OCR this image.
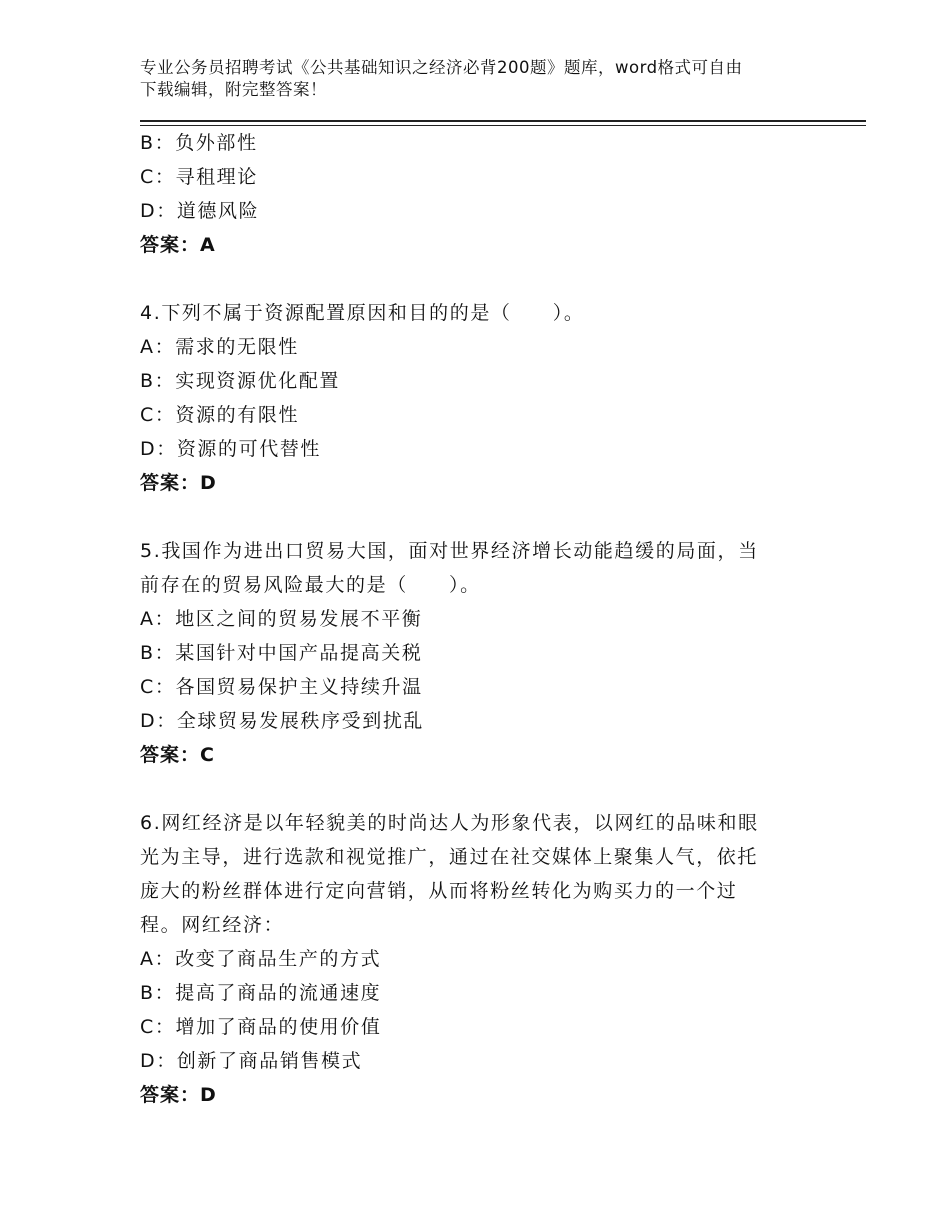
专业公务员招聘考试《公共基础知识之经济必背200题》题库，word格式可自由
下载编辑，附完整答案！
B：负外部性
C：寻租理论
D：道德风险
答案：A
4.下列不属于资源配置原因和目的的是（　　）。
A：需求的无限性
B：实现资源优化配置
C：资源的有限性
D：资源的可代替性
答案：D
5.我国作为进出口贸易大国，面对世界经济增长动能趋缓的局面，当
前存在的贸易风险最大的是（　　）。
A：地区之间的贸易发展不平衡
B：某国针对中国产品提高关税
C：各国贸易保护主义持续升温
D：全球贸易发展秩序受到扰乱
答案：C
6.网红经济是以年轻貌美的时尚达人为形象代表，以网红的品味和眼
光为主导，进行选款和视觉推广，通过在社交媒体上聚集人气，依托
庞大的粉丝群体进行定向营销，从而将粉丝转化为购买力的一个过
程。网红经济：
A：改变了商品生产的方式
B：提高了商品的流通速度
C：增加了商品的使用价值
D：创新了商品销售模式
答案：D
